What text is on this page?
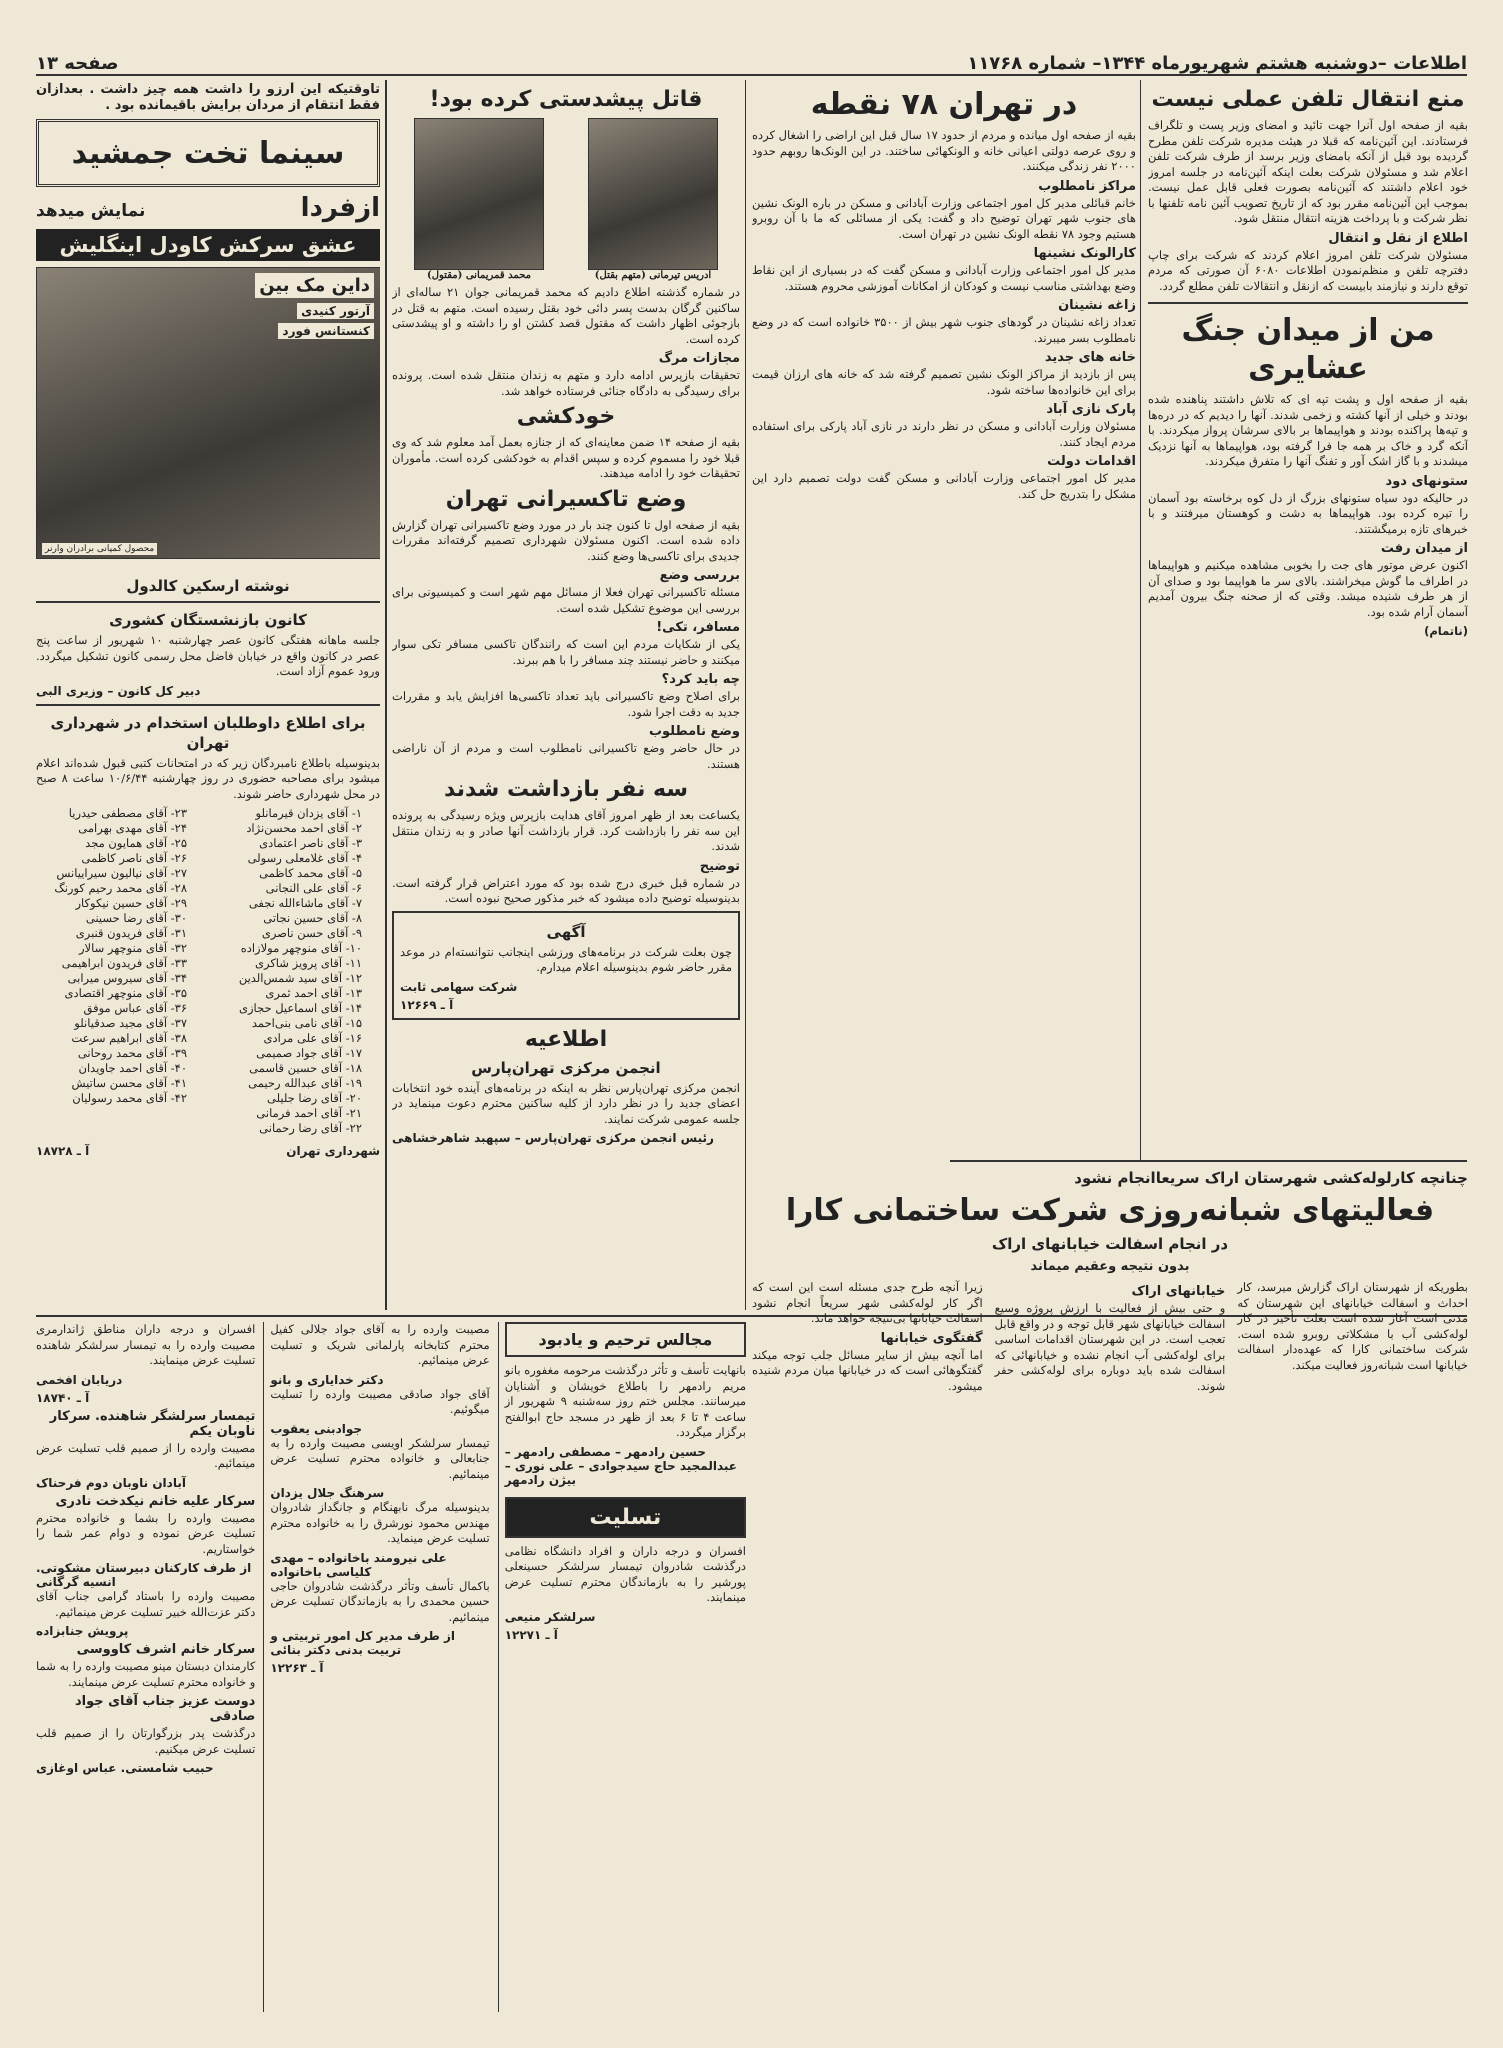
اطلاعات –دوشنبه هشتم شهریورماه ۱۳۴۴– شماره ۱۱۷۶۸
صفحه ۱۳
منع انتقال تلفن عملی نیست

بقیه از صفحه اول آنرا جهت تائید و امضای وزیر پست و تلگراف فرستادند. این آئین‌نامه که قبلا در هیئت مدیره شرکت تلفن مطرح گردیده بود قبل از آنکه بامضای وزیر برسد از طرف شرکت تلفن اعلام شد و مسئولان شرکت بعلت اینکه آئین‌نامه در جلسه امروز خود اعلام داشتند که آئین‌نامه بصورت فعلی قابل عمل نیست. بموجب این آئین‌نامه مقرر بود که از تاریخ تصویب آئین نامه تلفنها با نظر شرکت و با پرداخت هزینه انتقال منتقل شود.

اطلاع از نقل و انتقال

مسئولان شرکت تلفن امروز اعلام کردند که شرکت برای چاپ دفترچه تلفن و منظم‌نمودن اطلاعات ۶۰۸۰ آن صورتی که مردم توقع دارند و نیازمند بابیست که ازنقل و انتقالات تلفن مطلع گردد.

من از میدان جنگ عشایری

بقیه از صفحه اول و پشت تپه ای که تلاش داشتند پناهنده شده بودند و خیلی از آنها کشته و زخمی شدند. آنها را دیدیم که در دره‌ها و تپه‌ها پراکنده بودند و هواپیماها بر بالای سرشان پرواز میکردند. با آنکه گرد و خاک بر همه جا فرا گرفته بود، هواپیماها به آنها نزدیک میشدند و با گاز اشک آور و تفنگ آنها را متفرق میکردند.

ستونهای دود

در حالیکه دود سیاه ستونهای بزرگ از دل کوه برخاسته بود آسمان را تیره کرده بود. هواپیماها به دشت و کوهستان میرفتند و با خبرهای تازه برمیگشتند.

از میدان رفت

اکنون عرض موتور های جت را بخوبی مشاهده میکنیم و هواپیماها در اطراف ما گوش میخراشند. بالای سر ما هواپیما بود و صدای آن از هر طرف شنیده میشد. وقتی که از صحنه جنگ بیرون آمدیم آسمان آرام شده بود.

(ناتمام)

در تهران ۷۸ نقطه

بقیه از صفحه اول میانده و مردم از حدود ۱۷ سال قبل این اراضی را اشغال کرده و روی عرصه دولتی اعیانی خانه و الونکهائی ساختند. در این الونک‌ها روبهم حدود ۲۰۰۰ نفر زندگی میکنند.

مراکز نامطلوب

خانم قبائلی مدیر کل امور اجتماعی وزارت آبادانی و مسکن در باره الونک نشین های جنوب شهر تهران توضیح داد و گفت: یکی از مسائلی که ما با آن روبرو هستیم وجود ۷۸ نقطه الونک نشین در تهران است.

کارالونک نشینها

مدیر کل امور اجتماعی وزارت آبادانی و مسکن گفت که در بسیاری از این نقاط وضع بهداشتی مناسب نیست و کودکان از امکانات آموزشی محروم هستند.

زاغه نشینان

تعداد زاغه نشینان در گود‌های جنوب شهر بیش از ۳۵۰۰ خانواده است که در وضع نامطلوب بسر میبرند.

خانه های جدید

پس از بازدید از مراکز الونک نشین تصمیم گرفته شد که خانه های ارزان قیمت برای این خانواده‌ها ساخته شود.

پارک نازی آباد

مسئولان وزارت آبادانی و مسکن در نظر دارند در نازی آباد پارکی برای استفاده مردم ایجاد کنند.

اقدامات دولت

مدیر کل امور اجتماعی وزارت آبادانی و مسکن گفت دولت تصمیم دارد این مشکل را بتدریج حل کند.

قاتل پیشدستی کرده بود!
ادریس تیرمانی (متهم بقتل)
محمد قمریمانی (مقتول)

در شماره گذشته اطلاع دادیم که محمد قمریمانی جوان ۲۱ ساله‌ای از ساکنین گرگان بدست پسر دائی خود بقتل رسیده است. متهم به قتل در بازجوئی اظهار داشت که مقتول قصد کشتن او را داشته و او پیشدستی کرده است.

مجازات مرگ

تحقیقات بازپرس ادامه دارد و متهم به زندان منتقل شده است. پرونده برای رسیدگی به دادگاه جنائی فرستاده خواهد شد.

خودکشی

بقیه از صفحه ۱۴ ضمن معاینه‌ای که از جنازه بعمل آمد معلوم شد که وی قبلا خود را مسموم کرده و سپس اقدام به خودکشی کرده است. مأموران تحقیقات خود را ادامه میدهند.

وضع تاکسیرانی تهران

بقیه از صفحه اول تا کنون چند بار در مورد وضع تاکسیرانی تهران گزارش داده شده است. اکنون مسئولان شهرداری تصمیم گرفته‌اند مقررات جدیدی برای تاکسی‌ها وضع کنند.

بررسی وضع

مسئله تاکسیرانی تهران فعلا از مسائل مهم شهر است و کمیسیونی برای بررسی این موضوع تشکیل شده است.

مسافر، تکی!

یکی از شکایات مردم این است که رانندگان تاکسی مسافر تکی سوار میکنند و حاضر نیستند چند مسافر را با هم ببرند.

چه باید کرد؟

برای اصلاح وضع تاکسیرانی باید تعداد تاکسی‌ها افزایش یابد و مقررات جدید به دقت اجرا شود.

وضع نامطلوب

در حال حاضر وضع تاکسیرانی نامطلوب است و مردم از آن ناراضی هستند.

سه نفر بازداشت شدند

یکساعت بعد از ظهر امروز آقای هدایت بازپرس ویژه رسیدگی به پرونده این سه نفر را بازداشت کرد. قرار بازداشت آنها صادر و به زندان منتقل شدند.

توضیح

در شماره قبل خبری درج شده بود که مورد اعتراض قرار گرفته است. بدینوسیله توضیح داده میشود که خبر مذکور صحیح نبوده است.

آگهی

چون بعلت شرکت در برنامه‌های ورزشی اینجانب نتوانسته‌ام در موعد مقرر حاضر شوم بدینوسیله اعلام میدارم.

شرکت سهامی ثابت
آ ـ ۱۲۶۶۹
اطلاعیه
انجمن مرکزی تهران‌پارس

انجمن مرکزی تهران‌پارس نظر به اینکه در برنامه‌های آینده خود انتخابات اعضای جدید را در نظر دارد از کلیه ساکنین محترم دعوت مینماید در جلسه عمومی شرکت نمایند.

رئیس انجمن مرکزی تهران‌پارس – سپهبد شاهرخشاهی

تاوقتیکه این آرزو را داشت همه چیز داشت . بعدازآن فقط انتقام از مردان برایش باقیمانده بود .

سینما تخت جمشید
ازفردا
نمایش میدهد
عشق سرکش کاودل اینگلیش
داین مک بین
آرتور کنیدی
کنستانس فورد
محصول کمپانی برادران وارنر
نوشته ارسکین کالدول
کانون بازنشستگان کشوری

جلسه ماهانه هفتگی کانون عصر چهارشنبه ۱۰ شهریور از ساعت پنج عصر در کانون واقع در خیابان فاضل محل رسمی کانون تشکیل میگردد. ورود عموم آزاد است.

دبیر کل کانون – وزیری البی
برای اطلاع داوطلبان استخدام در شهرداری تهران

بدینوسیله باطلاع نامبردگان زیر که در امتحانات کتبی قبول شده‌اند اعلام میشود برای مصاحبه حضوری در روز چهارشنبه ۱۰/۶/۴۴ ساعت ۸ صبح در محل شهرداری حاضر شوند.

۱- آقای یزدان قیرمانلو
۲- آقای احمد محسن‌نژاد
۳- آقای ناصر اعتمادی
۴- آقای غلامعلی رسولی
۵- آقای محمد کاظمی
۶- آقای علی النجانی
۷- آقای ماشاءالله نجفی
۸- آقای حسین نجاتی
۹- آقای حسن ناصری
۱۰- آقای منوچهر مولازاده
۱۱- آقای پرویز شاکری
۱۲- آقای سید شمس‌الدین
۱۳- آقای احمد ثمری
۱۴- آقای اسماعیل حجازی
۱۵- آقای نامی بنی‌احمد
۱۶- آقای علی مرادی
۱۷- آقای جواد صمیمی
۱۸- آقای حسین قاسمی
۱۹- آقای عبدالله رحیمی
۲۰- آقای رضا جلیلی
۲۱- آقای احمد فرمانی
۲۲- آقای رضا رحمانی
۲۳- آقای مصطفی حیدریا
۲۴- آقای مهدی بهرامی
۲۵- آقای همایون مجد
۲۶- آقای ناصر کاظمی
۲۷- آقای نیالیون سیراییانس
۲۸- آقای محمد رحیم کورنگ
۲۹- آقای حسین نیکوکار
۳۰- آقای رضا حسینی
۳۱- آقای فریدون قنبری
۳۲- آقای منوچهر سالار
۳۳- آقای فریدون ابراهیمی
۳۴- آقای سیروس میرابی
۳۵- آقای منوچهر اقتصادی
۳۶- آقای عباس موفق
۳۷- آقای مجید صدقیانلو
۳۸- آقای ابراهیم سرعت
۳۹- آقای محمد روحانی
۴۰- آقای احمد جاویدان
۴۱- آقای محسن ساتیش
۴۲- آقای محمد رسولیان
شهرداری تهران
آ ـ ۱۸۷۲۸
چنانچه کارلوله‌کشی شهرستان اراک سریعاانجام نشود
فعالیتهای شبانه‌روزی شرکت ساختمانی کارا
در انجام اسفالت خیابانهای اراک
بدون نتیجه وعقیم میماند

بطوریکه از شهرستان اراک گزارش میرسد، کار احداث و اسفالت خیابانهای این شهرستان که مدتی است آغاز شده است بعلت تأخیر در کار لوله‌کشی آب با مشکلاتی روبرو شده است. شرکت ساختمانی کارا که عهده‌دار اسفالت خیابانها است شبانه‌روز فعالیت میکند.

خیابانهای اراک

و حتی بیش از فعالیت با ارزش پروژه وسیع اسفالت خیابانهای شهر قابل توجه و در واقع قابل تعجب است. در این شهرستان اقدامات اساسی برای لوله‌کشی آب انجام نشده و خیابانهائی که اسفالت شده باید دوباره برای لوله‌کشی حفر شوند.

زیرا آنچه طرح جدی مسئله است این است که اگر کار لوله‌کشی شهر سریعاً انجام نشود اسفالت خیابانها بی‌نتیجه خواهد ماند.

گفتگوی خیابانها

اما آنچه بیش از سایر مسائل جلب توجه میکند گفتگوهائی است که در خیابانها میان مردم شنیده میشود.

مجالس ترحیم و یادبود

بانهایت تأسف و تأثر درگذشت مرحومه مغفوره بانو مریم رادمهر را باطلاع خویشان و آشنایان میرسانند. مجلس ختم روز سه‌شنبه ۹ شهریور از ساعت ۴ تا ۶ بعد از ظهر در مسجد حاج ابوالفتح برگزار میگردد.

حسین رادمهر – مصطفی رادمهر – عبدالمجید حاج سیدجوادی – علی نوری – بیژن رادمهر
تسلیت

افسران و درجه داران و افراد دانشگاه نظامی درگذشت شادروان تیمسار سرلشکر حسینعلی پورشیر را به بازماندگان محترم تسلیت عرض مینمایند.

سرلشکر منیعی
آ ـ ۱۲۲۷۱

مصیبت وارده را به آقای جواد جلالی کفیل محترم کتابخانه پارلمانی شریک و تسلیت عرض مینمائیم.

دکتر خدایاری و بانو

آقای جواد صادقی مصیبت وارده را تسلیت میگوئیم.

جوادبنی یعقوب

تیمسار سرلشکر اویسی مصیبت وارده را به جنابعالی و خانواده محترم تسلیت عرض مینمائیم.

سرهنگ جلال یزدان

بدینوسیله مرگ نابهنگام و جانگداز شادروان مهندس محمود نورشرق را به خانواده محترم تسلیت عرض مینماید.

علی نیرومند باخانواده – مهدی کلیاسی باخانواده

باکمال تأسف وتأثر درگذشت شادروان حاجی حسین محمدی را به بازماندگان تسلیت عرض مینمائیم.

از طرف مدیر کل امور تربیتی و تربیت بدنی دکتر بنائی
آ ـ ۱۲۲۶۳

افسران و درجه داران مناطق ژاندارمری مصیبت وارده را به تیمسار سرلشکر شاهنده تسلیت عرض مینمایند.

دریابان افخمی
آ ـ ۱۸۷۴۰
تیمسار سرلشگر شاهنده. سرکار ناوبان یکم

مصیبت وارده را از صمیم قلب تسلیت عرض مینمائیم.

آبادان ناوبان دوم فرحناک
سرکار علیه خانم نیکدخت نادری

مصیبت وارده را بشما و خانواده محترم تسلیت عرض نموده و دوام عمر شما را خواستاریم.

از طرف کارکنان دبیرستان مشکوتی. انسیه گرگانی

مصیبت وارده را باستاد گرامی جناب آقای دکتر عزت‌الله خبیر تسلیت عرض مینمائیم.

پرویش جنابزاده
سرکار خانم اشرف کاووسی

کارمندان دبستان مینو مصیبت وارده را به شما و خانواده محترم تسلیت عرض مینمایند.

دوست عزیز جناب آقای جواد صادقی

درگذشت پدر بزرگوارتان را از صمیم قلب تسلیت عرض میکنیم.

حبیب شامستی. عباس اوغازی
